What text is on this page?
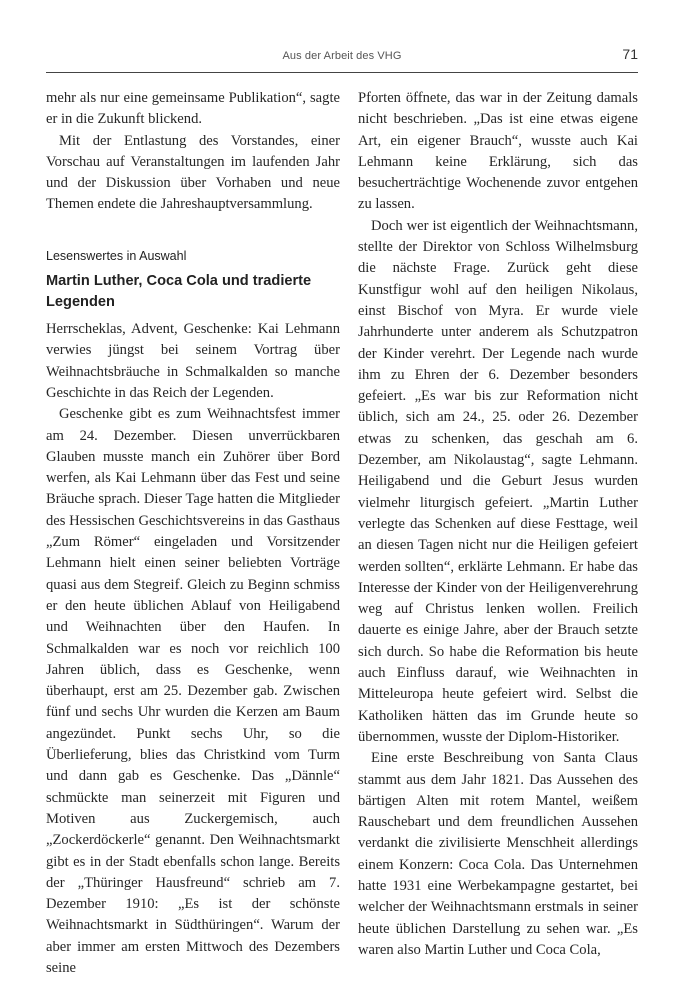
Aus der Arbeit des VHG	71

mehr als nur eine gemeinsame Publikation“, sagte er in die Zukunft blickend.

Mit der Entlastung des Vorstandes, einer Vorschau auf Veranstaltungen im laufenden Jahr und der Diskussion über Vorhaben und neue Themen endete die Jahreshauptversammlung.

Lesenswertes in Auswahl

Martin Luther, Coca Cola und tradierte Legenden

Herrscheklas, Advent, Geschenke: Kai Lehmann verwies jüngst bei seinem Vortrag über Weihnachtsbräuche in Schmalkalden so manche Geschichte in das Reich der Legenden.

Geschenke gibt es zum Weihnachtsfest immer am 24. Dezember. Diesen unverrückbaren Glauben musste manch ein Zuhörer über Bord werfen, als Kai Lehmann über das Fest und seine Bräuche sprach. Dieser Tage hatten die Mitglieder des Hessischen Geschichtsvereins in das Gasthaus „Zum Römer“ eingeladen und Vorsitzender Lehmann hielt einen seiner beliebten Vorträge quasi aus dem Stegreif. Gleich zu Beginn schmiss er den heute üblichen Ablauf von Heiligabend und Weihnachten über den Haufen. In Schmalkalden war es noch vor reichlich 100 Jahren üblich, dass es Geschenke, wenn überhaupt, erst am 25. Dezember gab. Zwischen fünf und sechs Uhr wurden die Kerzen am Baum angezündet. Punkt sechs Uhr, so die Überlieferung, blies das Christkind vom Turm und dann gab es Geschenke. Das „Dännle“ schmückte man seinerzeit mit Figuren und Motiven aus Zuckergemisch, auch „Zockerdöckerle“ genannt. Den Weihnachtsmarkt gibt es in der Stadt ebenfalls schon lange. Bereits der „Thüringer Hausfreund“ schrieb am 7. Dezember 1910: „Es ist der schönste Weihnachtsmarkt in Südthüringen“. Warum der aber immer am ersten Mittwoch des Dezembers seine

Pforten öffnete, das war in der Zeitung damals nicht beschrieben. „Das ist eine etwas eigene Art, ein eigener Brauch“, wusste auch Kai Lehmann keine Erklärung, sich das besucherträchtige Wochenende zuvor entgehen zu lassen.

Doch wer ist eigentlich der Weihnachtsmann, stellte der Direktor von Schloss Wilhelmsburg die nächste Frage. Zurück geht diese Kunstfigur wohl auf den heiligen Nikolaus, einst Bischof von Myra. Er wurde viele Jahrhunderte unter anderem als Schutzpatron der Kinder verehrt. Der Legende nach wurde ihm zu Ehren der 6. Dezember besonders gefeiert. „Es war bis zur Reformation nicht üblich, sich am 24., 25. oder 26. Dezember etwas zu schenken, das geschah am 6. Dezember, am Nikolaustag“, sagte Lehmann. Heiligabend und die Geburt Jesus wurden vielmehr liturgisch gefeiert. „Martin Luther verlegte das Schenken auf diese Festtage, weil an diesen Tagen nicht nur die Heiligen gefeiert werden sollten“, erklärte Lehmann. Er habe das Interesse der Kinder von der Heiligenverehrung weg auf Christus lenken wollen. Freilich dauerte es einige Jahre, aber der Brauch setzte sich durch. So habe die Reformation bis heute auch Einfluss darauf, wie Weihnachten in Mitteleuropa heute gefeiert wird. Selbst die Katholiken hätten das im Grunde heute so übernommen, wusste der Diplom-Historiker.

Eine erste Beschreibung von Santa Claus stammt aus dem Jahr 1821. Das Aussehen des bärtigen Alten mit rotem Mantel, weißem Rauschebart und dem freundlichen Aussehen verdankt die zivilisierte Menschheit allerdings einem Konzern: Coca Cola. Das Unternehmen hatte 1931 eine Werbekampagne gestartet, bei welcher der Weihnachtsmann erstmals in seiner heute üblichen Darstellung zu sehen war. „Es waren also Martin Luther und Coca Cola,
